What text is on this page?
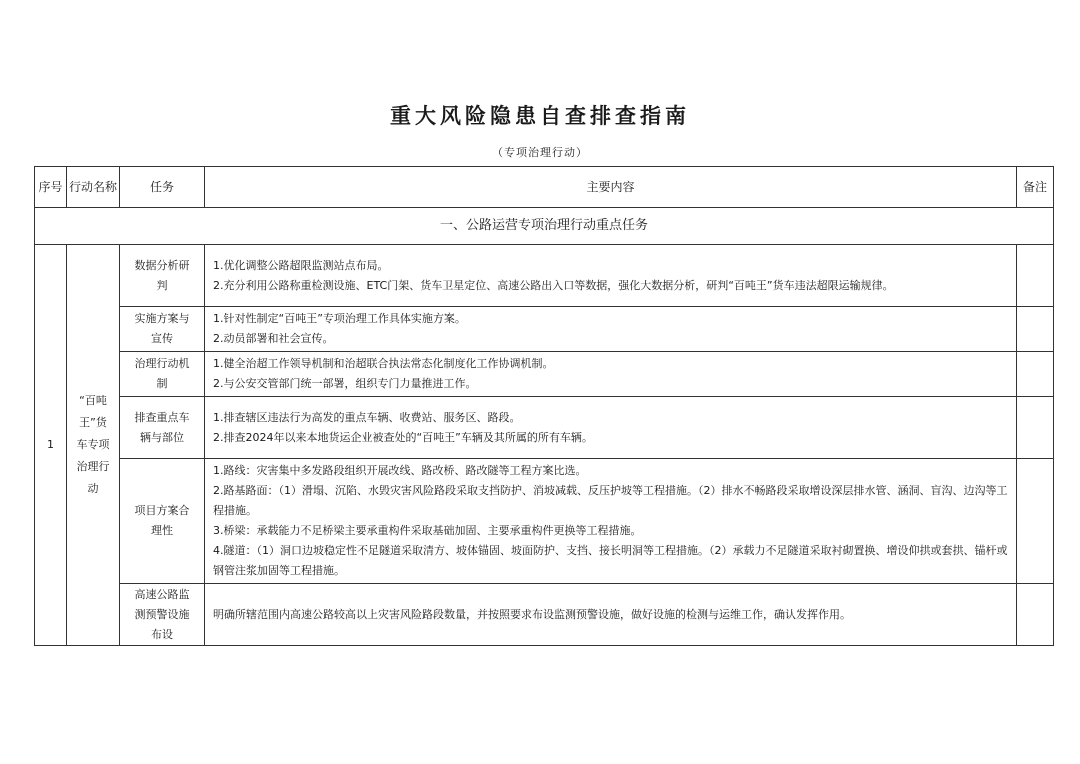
重大风险隐患自查排查指南
（专项治理行动）
序号	行动名称	任务	主要内容	备注
一、公路运营专项治理行动重点任务				
1	“百吨王”货车专项治理行动	数据分析研判	1.优化调整公路超限监测站点布局。
2.充分利用公路称重检测设施、ETC门架、货车卫星定位、高速公路出入口等数据，强化大数据分析，研判“百吨王”货车违法超限运输规律。	

		实施方案与宣传	1.针对性制定“百吨王”专项治理工作具体实施方案。
2.动员部署和社会宣传。	

		治理行动机制	1.健全治超工作领导机制和治超联合执法常态化制度化工作协调机制。
2.与公安交管部门统一部署，组织专门力量推进工作。	

		排查重点车辆与部位	1.排查辖区违法行为高发的重点车辆、收费站、服务区、路段。
2.排查2024年以来本地货运企业被查处的“百吨王”车辆及其所属的所有车辆。	

		项目方案合理性	1.路线：灾害集中多发路段组织开展改线、路改桥、路改隧等工程方案比选。
2.路基路面：（1）滑塌、沉陷、水毁灾害风险路段采取支挡防护、消坡减载、反压护坡等工程措施。（2）排水不畅路段采取增设深层排水管、涵洞、盲沟、边沟等工程措施。
3.桥梁：承载能力不足桥梁主要承重构件采取基础加固、主要承重构件更换等工程措施。
4.隧道：（1）洞口边坡稳定性不足隧道采取清方、坡体锚固、坡面防护、支挡、接长明洞等工程措施。（2）承载力不足隧道采取衬砌置换、增设仰拱或套拱、锚杆或钢管注浆加固等工程措施。	

		高速公路监测预警设施布设	明确所辖范围内高速公路较高以上灾害风险路段数量，并按照要求布设监测预警设施，做好设施的检测与运维工作，确认发挥作用。	
